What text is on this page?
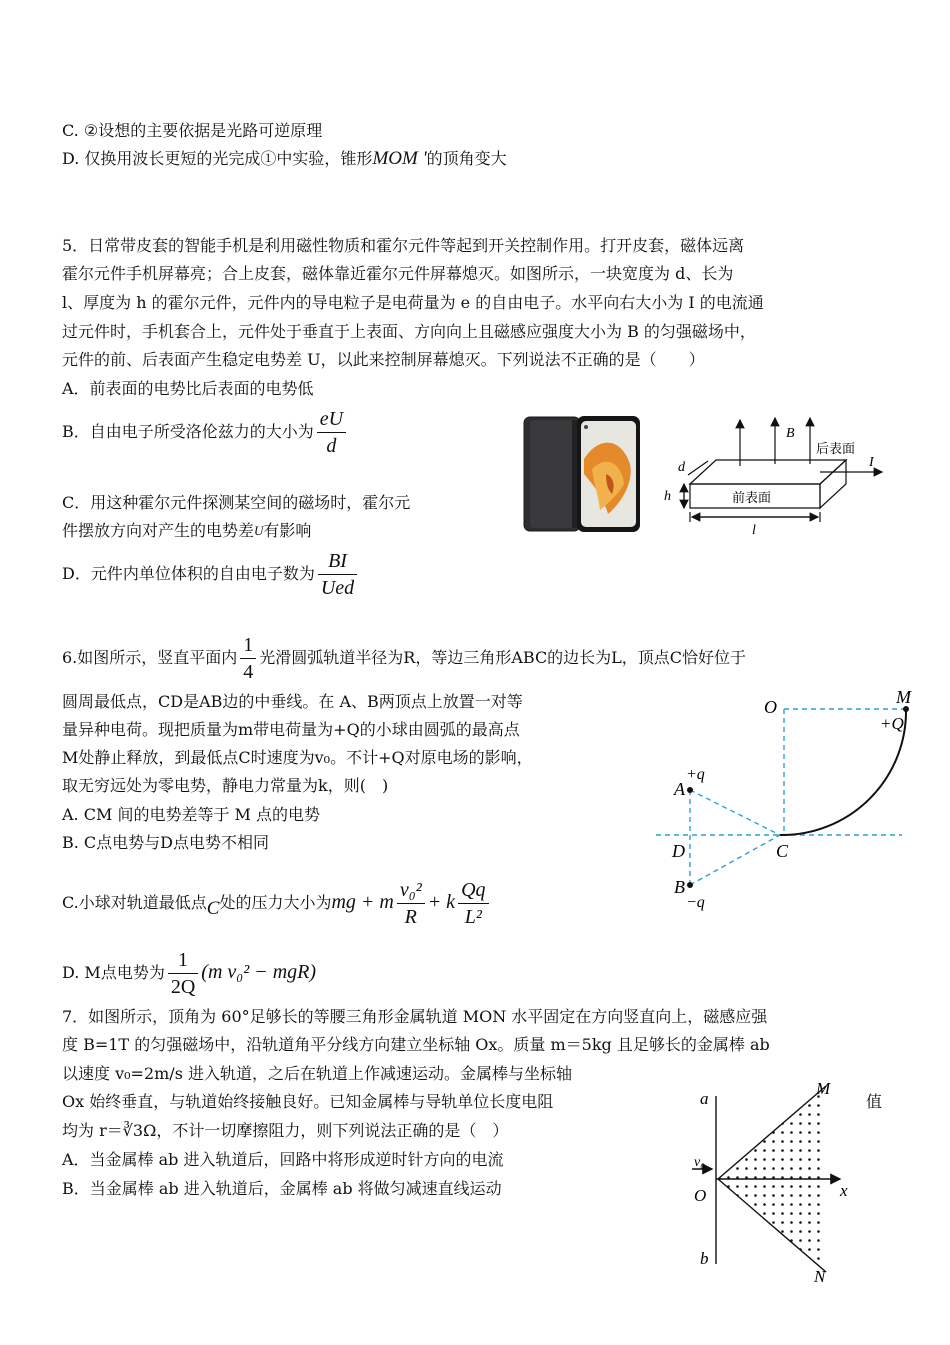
C. ②设想的主要依据是光路可逆原理
D. 仅换用波长更短的光完成①中实验，锥形MOM '的顶角变大
5．日常带皮套的智能手机是利用磁性物质和霍尔元件等起到开关控制作用。打开皮套，磁体远离
霍尔元件手机屏幕亮；合上皮套，磁体靠近霍尔元件屏幕熄灭。如图所示，一块宽度为 d、长为
l、厚度为 h 的霍尔元件，元件内的导电粒子是电荷量为 e 的自由电子。水平向右大小为 I 的电流通
过元件时，手机套合上，元件处于垂直于上表面、方向向上且磁感应强度大小为 B 的匀强磁场中，
元件的前、后表面产生稳定电势差 U，以此来控制屏幕熄灭。下列说法不正确的是（　　）
A．前表面的电势比后表面的电势低
B．自由电子所受洛伦兹力的大小为 $\frac{eU}{d}$
C．用这种霍尔元件探测某空间的磁场时，霍尔元
件摆放方向对产生的电势差$^U$有影响
D．元件内单位体积的自由电子数为 $\frac{BI}{\text{Ued}}$
B
后表面
前表面
I
d
h
l
6.如图所示，竖直平面内 $\frac{1}{4}$ 光滑圆弧轨道半径为R，等边三角形ABC的边长为L，顶点C恰好位于
圆周最低点，CD是AB边的中垂线。在 A、B两顶点上放置一对等
量异种电荷。现把质量为m带电荷量为+Q的小球由圆弧的最高点
M处静止释放，到最低点C时速度为v₀。不计+Q对原电场的影响，
取无穷远处为零电势，静电力常量为k，则(　)
A. CM 间的电势差等于 M 点的电势
B. C点电势与D点电势不相同
C.小球对轨道最低点C处的压力大小为mg + m $\frac{\text{v₀²}}{R} + k \frac{Qq}{\text{L²}}$
D. M点电势为 $\frac{1}{2Q} (m$ v₀² − mgR)
O	M
+Q
+q
A
D	C
B
−q
7．如图所示，顶角为 60°足够长的等腰三角形金属轨道 MON 水平固定在方向竖直向上，磁感应强
度 B=1T 的匀强磁场中，沿轨道角平分线方向建立坐标轴 Ox。质量 m＝5kg 且足够长的金属棒 ab
以速度 v₀=2m/s 进入轨道，之后在轨道上作减速运动。金属棒与坐标轴
Ox 始终垂直，与轨道始终接触良好。已知金属棒与导轨单位长度电阻	值
均为 r＝∛3Ω，不计一切摩擦阻力，则下列说法正确的是（　）
A．当金属棒 ab 进入轨道后，回路中将形成逆时针方向的电流
B．当金属棒 ab 进入轨道后，金属棒 ab 将做匀减速直线运动
a
M
v₀
O	x
b
N
